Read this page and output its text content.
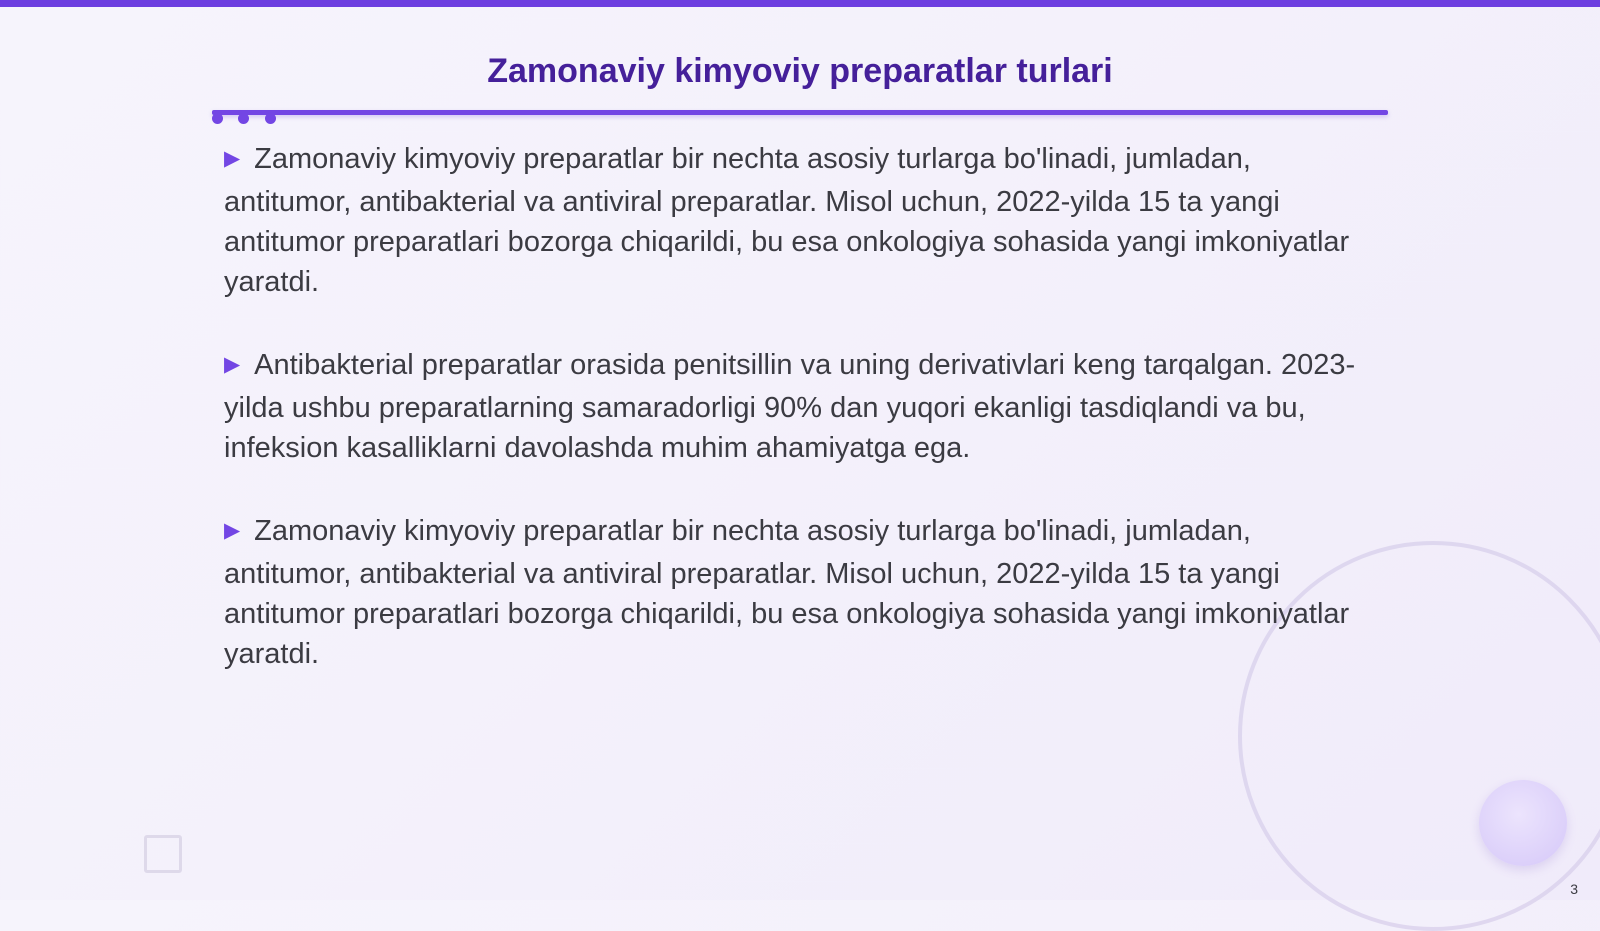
Zamonaviy kimyoviy preparatlar turlari

▶ Zamonaviy kimyoviy preparatlar bir nechta asosiy turlarga bo'linadi, jumladan, antitumor, antibakterial va antiviral preparatlar. Misol uchun, 2022-yilda 15 ta yangi antitumor preparatlari bozorga chiqarildi, bu esa onkologiya sohasida yangi imkoniyatlar yaratdi.

▶ Antibakterial preparatlar orasida penitsillin va uning derivativlari keng tarqalgan. 2023-yilda ushbu preparatlarning samaradorligi 90% dan yuqori ekanligi tasdiqlandi va bu, infeksion kasalliklarni davolashda muhim ahamiyatga ega.

▶ Zamonaviy kimyoviy preparatlar bir nechta asosiy turlarga bo'linadi, jumladan, antitumor, antibakterial va antiviral preparatlar. Misol uchun, 2022-yilda 15 ta yangi antitumor preparatlari bozorga chiqarildi, bu esa onkologiya sohasida yangi imkoniyatlar yaratdi.

3
